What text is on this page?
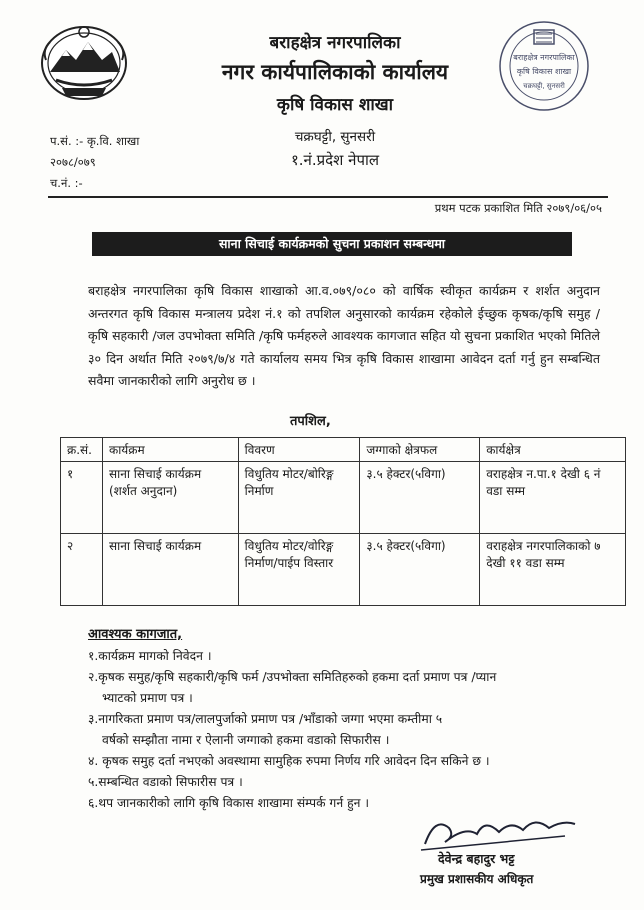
बराहक्षेत्र नगरपालिका
कृषि विकास शाखा
चक्रघट्टी, सुनसरी
बराहक्षेत्र नगरपालिका
नगर कार्यपालिकाको कार्यालय
कृषि विकास शाखा
चक्रघट्टी, सुनसरी
१.नं.प्रदेश नेपाल
प.सं. :- कृ.वि. शाखा
२०७८/०७९
च.नं. :-
प्रथम पटक प्रकाशित मिति २०७९/०६/०५
साना सिचाई कार्यक्रमको सुचना प्रकाशन सम्बन्धमा
बराहक्षेत्र नगरपालिका कृषि विकास शाखाको आ.व.०७९/०८० को वार्षिक स्वीकृत कार्यक्रम र शर्शत अनुदान अन्तरगत कृषि विकास मन्त्रालय प्रदेश नं.१ को तपशिल अनुसारको कार्यक्रम रहेकोले ईच्छुक कृषक/कृषि समुह /कृषि सहकारी /जल उपभोक्ता समिति /कृषि फर्महरुले आवश्यक कागजात सहित यो सुचना प्रकाशित भएको मितिले ३० दिन अर्थात मिति २०७९/७/४ गते कार्यालय समय भित्र कृषि विकास शाखामा आवेदन दर्ता गर्नु हुन सम्बन्धित सवैमा जानकारीको लागि अनुरोध छ ।
तपशिल,
क्र.सं.	कार्यक्रम	विवरण	जग्गाको क्षेत्रफल	कार्यक्षेत्र
१	साना सिचाई कार्यक्रम (शर्शत अनुदान)	विधुतिय मोटर/बोरिङ्ग निर्माण	३.५ हेक्टर(५विगा)	वराहक्षेत्र न.पा.१ देखी ६ नं वडा सम्म
२	साना सिचाई कार्यक्रम	विधुतिय मोटर/वोरिङ्ग निर्माण/पाईप विस्तार	३.५ हेक्टर(५विगा)	वराहक्षेत्र नगरपालिकाको ७ देखी ११ वडा सम्म
आवश्यक कागजात,
१.कार्यक्रम मागको निवेदन ।
२.कृषक समुह/कृषि सहकारी/कृषि फर्म /उपभोक्ता समितिहरुको हकमा दर्ता प्रमाण पत्र /प्यान
भ्याटको प्रमाण पत्र ।
३.नागरिकता प्रमाण पत्र/लालपुर्जाको प्रमाण पत्र /भाँडाको जग्गा भएमा कम्तीमा ५
वर्षको सम्झौता नामा र ऐलानी जग्गाको हकमा वडाको सिफारीस ।
४. कृषक समुह दर्ता नभएको अवस्थामा सामुहिक रुपमा निर्णय गरि आवेदन दिन सकिने छ ।
५.सम्बन्धित वडाको सिफारीस पत्र ।
६.थप जानकारीको लागि कृषि विकास शाखामा संम्पर्क गर्न हुन ।
देवेन्द्र बहादुर भट्ट
प्रमुख प्रशासकीय अधिकृत
